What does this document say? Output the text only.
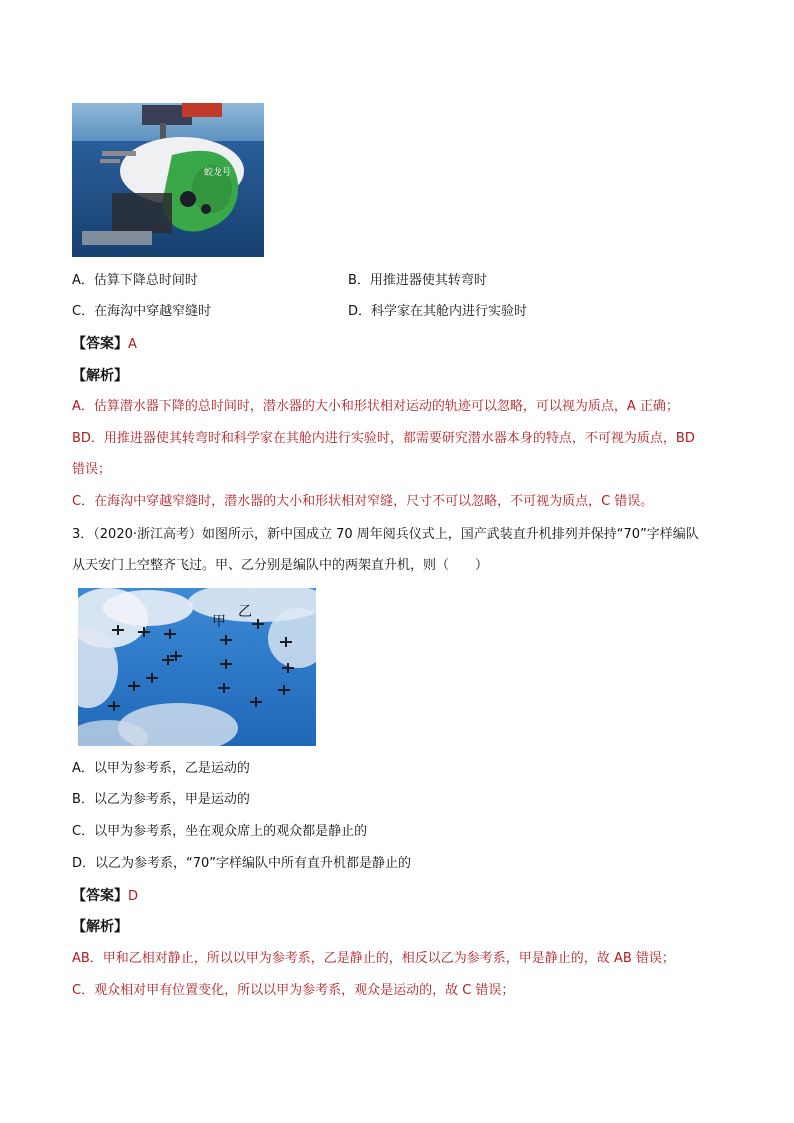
蛟龙号
A．估算下降总时间时	B．用推进器使其转弯时
C．在海沟中穿越窄缝时	D．科学家在其舱内进行实验时
【答案】A
【解析】
A．估算潜水器下降的总时间时，潜水器的大小和形状相对运动的轨迹可以忽略，可以视为质点，A 正确；
BD．用推进器使其转弯时和科学家在其舱内进行实验时，都需要研究潜水器本身的特点，不可视为质点，BD
错误；
C．在海沟中穿越窄缝时，潜水器的大小和形状相对窄缝，尺寸不可以忽略，不可视为质点，C 错误。
3．（2020·浙江高考）如图所示，新中国成立 70 周年阅兵仪式上，国产武装直升机排列并保持“70”字样编队
从天安门上空整齐飞过。甲、乙分别是编队中的两架直升机，则（　　）
甲
乙
A．以甲为参考系，乙是运动的
B．以乙为参考系，甲是运动的
C．以甲为参考系，坐在观众席上的观众都是静止的
D．以乙为参考系，“70”字样编队中所有直升机都是静止的
【答案】D
【解析】
AB．甲和乙相对静止，所以以甲为参考系，乙是静止的，相反以乙为参考系，甲是静止的，故 AB 错误；
C．观众相对甲有位置变化，所以以甲为参考系，观众是运动的，故 C 错误；
